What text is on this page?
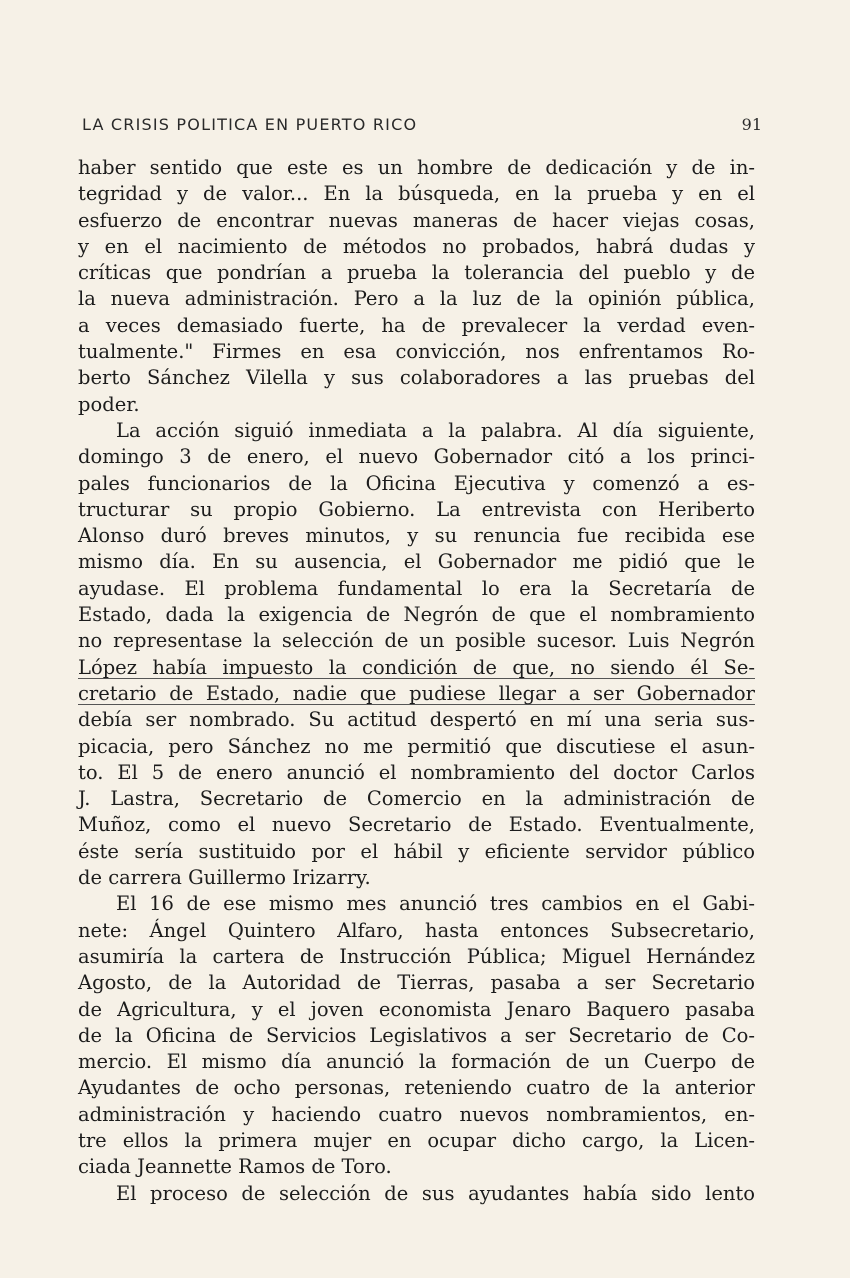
LA CRISIS POLITICA EN PUERTO RICO	91
haber sentido que este es un hombre de dedicación y de in-
tegridad y de valor... En la búsqueda, en la prueba y en el
esfuerzo de encontrar nuevas maneras de hacer viejas cosas,
y en el nacimiento de métodos no probados, habrá dudas y
críticas que pondrían a prueba la tolerancia del pueblo y de
la nueva administración. Pero a la luz de la opinión pública,
a veces demasiado fuerte, ha de prevalecer la verdad even-
tualmente." Firmes en esa convicción, nos enfrentamos Ro-
berto Sánchez Vilella y sus colaboradores a las pruebas del
poder.
La acción siguió inmediata a la palabra. Al día siguiente,
domingo 3 de enero, el nuevo Gobernador citó a los princi-
pales funcionarios de la Oficina Ejecutiva y comenzó a es-
tructurar su propio Gobierno. La entrevista con Heriberto
Alonso duró breves minutos, y su renuncia fue recibida ese
mismo día. En su ausencia, el Gobernador me pidió que le
ayudase. El problema fundamental lo era la Secretaría de
Estado, dada la exigencia de Negrón de que el nombramiento
no representase la selección de un posible sucesor. Luis Negrón
López había impuesto la condición de que, no siendo él Se-
cretario de Estado, nadie que pudiese llegar a ser Gobernador
debía ser nombrado. Su actitud despertó en mí una seria sus-
picacia, pero Sánchez no me permitió que discutiese el asun-
to. El 5 de enero anunció el nombramiento del doctor Carlos
J. Lastra, Secretario de Comercio en la administración de
Muñoz, como el nuevo Secretario de Estado. Eventualmente,
éste sería sustituido por el hábil y eficiente servidor público
de carrera Guillermo Irizarry.
El 16 de ese mismo mes anunció tres cambios en el Gabi-
nete: Ángel Quintero Alfaro, hasta entonces Subsecretario,
asumiría la cartera de Instrucción Pública; Miguel Hernández
Agosto, de la Autoridad de Tierras, pasaba a ser Secretario
de Agricultura, y el joven economista Jenaro Baquero pasaba
de la Oficina de Servicios Legislativos a ser Secretario de Co-
mercio. El mismo día anunció la formación de un Cuerpo de
Ayudantes de ocho personas, reteniendo cuatro de la anterior
administración y haciendo cuatro nuevos nombramientos, en-
tre ellos la primera mujer en ocupar dicho cargo, la Licen-
ciada Jeannette Ramos de Toro.
El proceso de selección de sus ayudantes había sido lento
